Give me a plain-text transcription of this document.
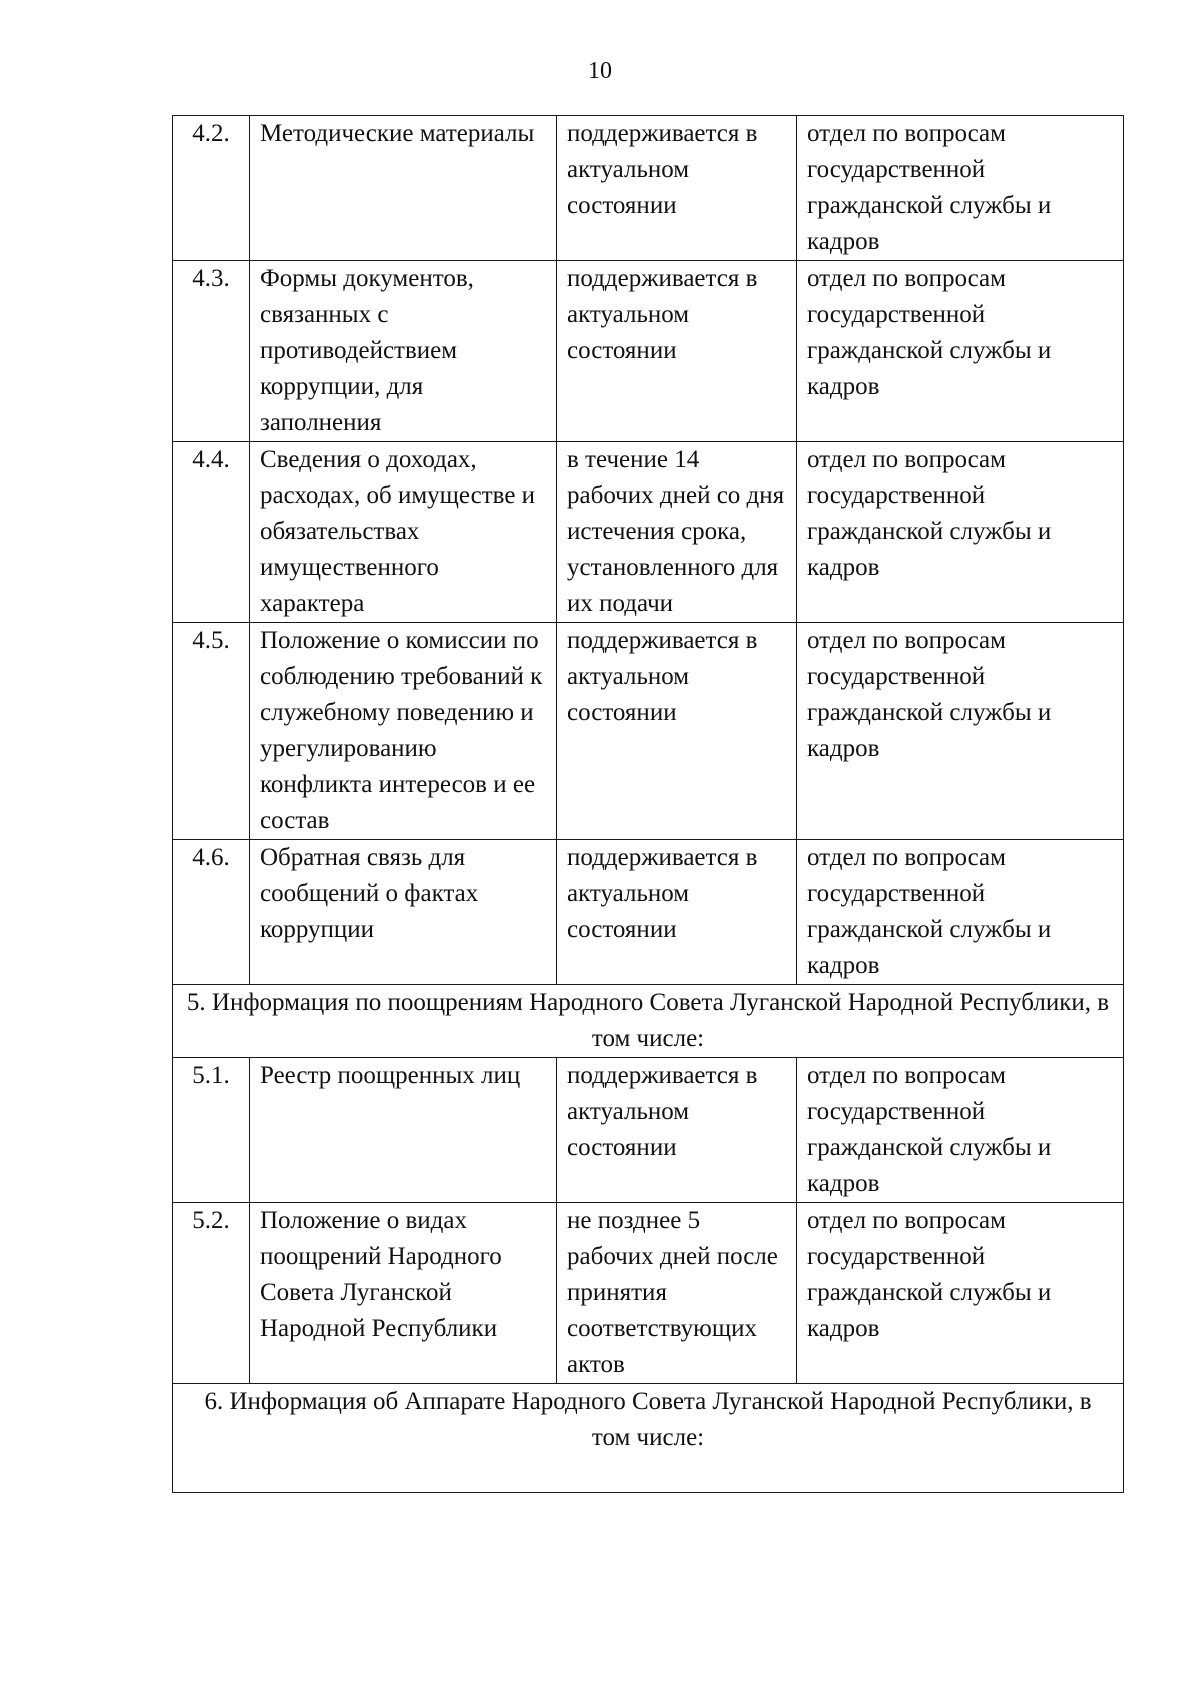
10
4.2.	Методические материалы	поддерживается в актуальном состоянии	отдел по вопросам государственной гражданской службы и кадров
4.3.	Формы документов, связанных с противодействием коррупции, для заполнения	поддерживается в актуальном состоянии	отдел по вопросам государственной гражданской службы и кадров
4.4.	Сведения о доходах, расходах, об имуществе и обязательствах имущественного характера	в течение 14 рабочих дней со дня истечения срока, установленного для их подачи	отдел по вопросам государственной гражданской службы и кадров
4.5.	Положение о комиссии по соблюдению требований к служебному поведению и урегулированию конфликта интересов и ее состав	поддерживается в актуальном состоянии	отдел по вопросам государственной гражданской службы и кадров
4.6.	Обратная связь для сообщений о фактах коррупции	поддерживается в актуальном состоянии	отдел по вопросам государственной гражданской службы и кадров
5. Информация по поощрениям Народного Совета Луганской Народной Республики, в том числе:			
5.1.	Реестр поощренных лиц	поддерживается в актуальном состоянии	отдел по вопросам государственной гражданской службы и кадров
5.2.	Положение о видах поощрений Народного Совета Луганской Народной Республики	не позднее 5 рабочих дней после принятия соответствующих актов	отдел по вопросам государственной гражданской службы и кадров
6. Информация об Аппарате Народного Совета Луганской Народной Республики, в том числе:			
